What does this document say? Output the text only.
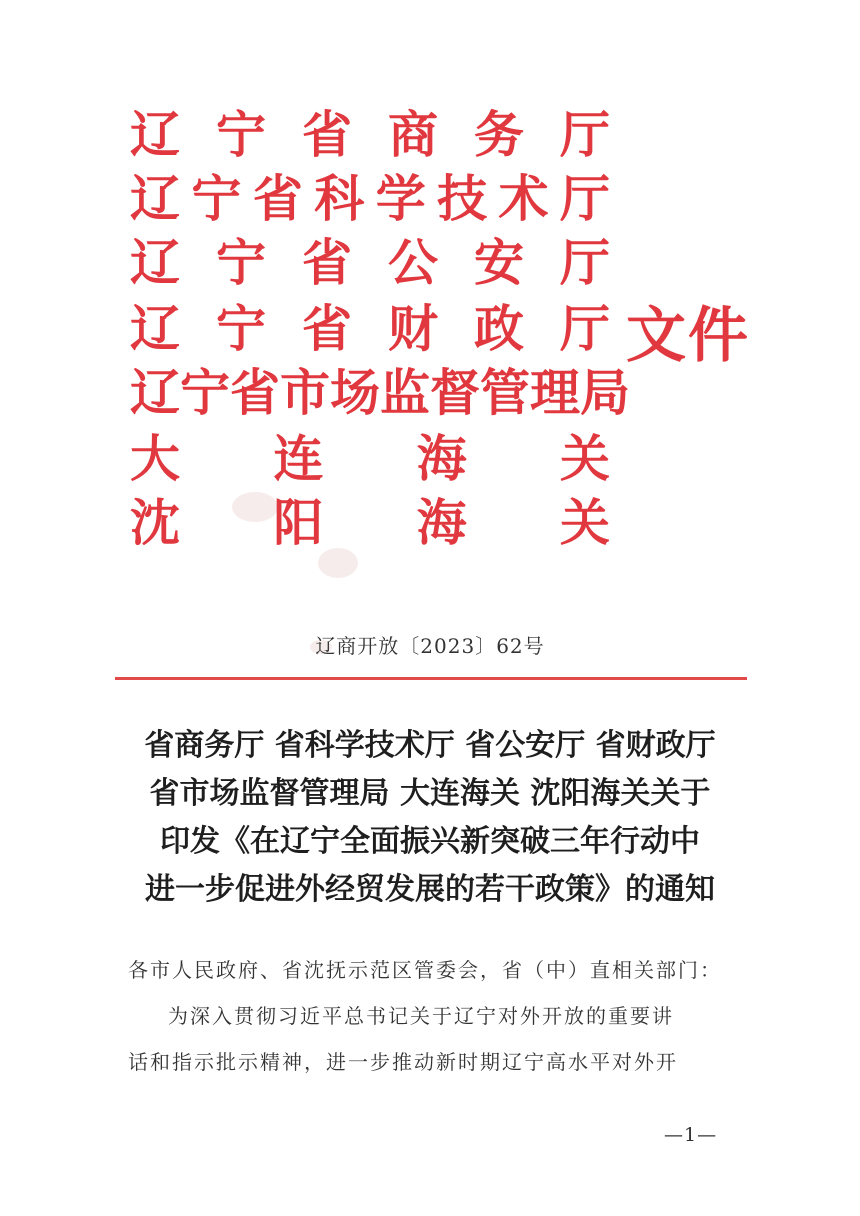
辽 宁 省 商 务 厅
辽 宁 省 科 学 技 术 厅
辽 宁 省 公 安 厅
辽 宁 省 财 政 厅
辽 宁 省 市 场 监 督 管 理 局
大 连 海 关
沈 阳 海 关
文件
辽商开放〔2023〕62号
省商务厅 省科学技术厅 省公安厅 省财政厅
省市场监督管理局 大连海关 沈阳海关关于
印发《在辽宁全面振兴新突破三年行动中
进一步促进外经贸发展的若干政策》的通知
各市人民政府、省沈抚示范区管委会，省（中）直相关部门：
为深入贯彻习近平总书记关于辽宁对外开放的重要讲
话和指示批示精神，进一步推动新时期辽宁高水平对外开
—1—
